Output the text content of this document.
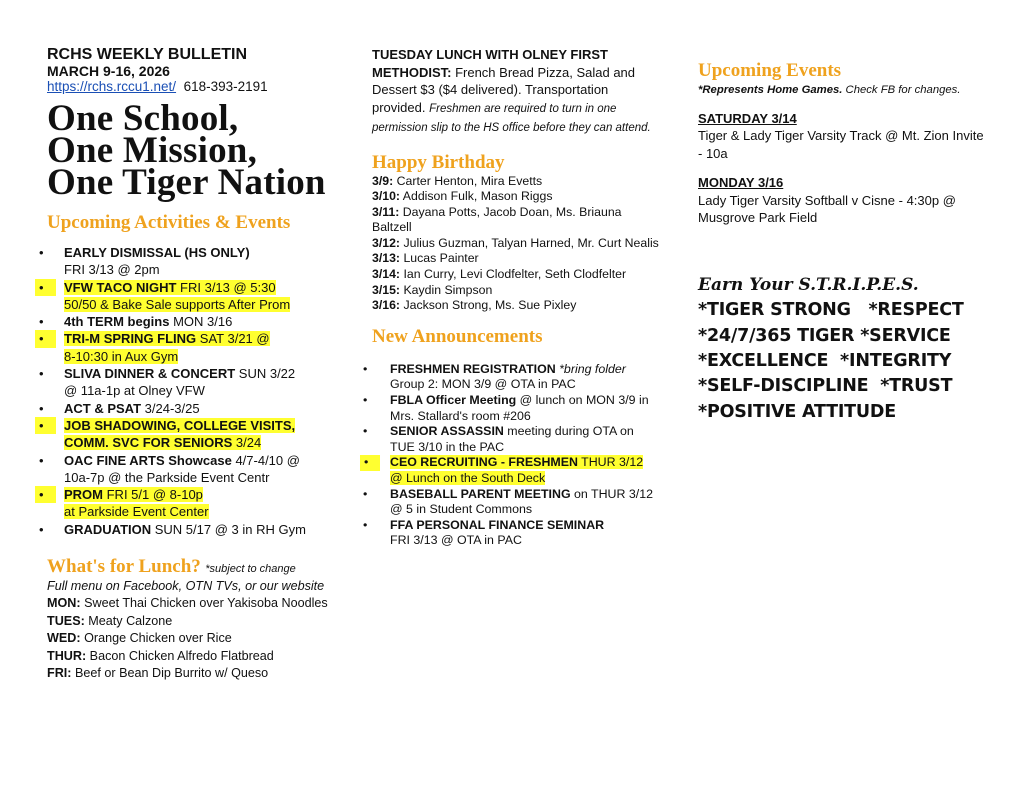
RCHS WEEKLY BULLETIN
MARCH 9-16, 2026
https://rchs.rccu1.net/ 618-393-2191
One School,
One Mission,
One Tiger Nation
Upcoming Activities & Events
• EARLY DISMISSAL (HS ONLY)
FRI 3/13 @ 2pm
•	VFW TACO NIGHT FRI 3/13 @ 5:30
50/50 & Bake Sale supports After Prom
• 4th TERM begins MON 3/16
•	TRI-M SPRING FLING SAT 3/21 @
8-10:30 in Aux Gym
• SLIVA DINNER & CONCERT SUN 3/22
@ 11a-1p at Olney VFW
• ACT & PSAT 3/24-3/25
•	JOB SHADOWING, COLLEGE VISITS,
COMM. SVC FOR SENIORS 3/24
• OAC FINE ARTS Showcase 4/7-4/10 @
10a-7p @ the Parkside Event Centr
•	PROM FRI 5/1 @ 8-10p
at Parkside Event Center
• GRADUATION SUN 5/17 @ 3 in RH Gym
What's for Lunch? *subject to change
Full menu on Facebook, OTN TVs, or our website
MON: Sweet Thai Chicken over Yakisoba Noodles
TUES: Meaty Calzone
WED: Orange Chicken over Rice
THUR: Bacon Chicken Alfredo Flatbread
FRI: Beef or Bean Dip Burrito w/ Queso
TUESDAY LUNCH WITH OLNEY FIRST METHODIST: French Bread Pizza, Salad and Dessert $3 ($4 delivered). Transportation provided. Freshmen are required to turn in one permission slip to the HS office before they can attend.
Happy Birthday
3/9: Carter Henton, Mira Evetts
3/10: Addison Fulk, Mason Riggs
3/11: Dayana Potts, Jacob Doan, Ms. Briauna Baltzell
3/12: Julius Guzman, Talyan Harned, Mr. Curt Nealis
3/13: Lucas Painter
3/14: Ian Curry, Levi Clodfelter, Seth Clodfelter
3/15: Kaydin Simpson
3/16: Jackson Strong, Ms. Sue Pixley
New Announcements
• FRESHMEN REGISTRATION *bring folder
Group 2: MON 3/9 @ OTA in PAC
• FBLA Officer Meeting @ lunch on MON 3/9 in
Mrs. Stallard's room #206
• SENIOR ASSASSIN meeting during OTA on
TUE 3/10 in the PAC
•	CEO RECRUITING - FRESHMEN THUR 3/12
@ Lunch on the South Deck
• BASEBALL PARENT MEETING on THUR 3/12
@ 5 in Student Commons
• FFA PERSONAL FINANCE SEMINAR
FRI 3/13 @ OTA in PAC
Upcoming Events
*Represents Home Games. Check FB for changes.
SATURDAY 3/14
Tiger & Lady Tiger Varsity Track @ Mt. Zion Invite - 10a
MONDAY 3/16
Lady Tiger Varsity Softball v Cisne - 4:30p @ Musgrove Park Field
Earn Your S.T.R.I.P.E.S.
*TIGER STRONG   *RESPECT
*24/7/365 TIGER *SERVICE
*EXCELLENCE  *INTEGRITY
*SELF-DISCIPLINE  *TRUST
*POSITIVE ATTITUDE
